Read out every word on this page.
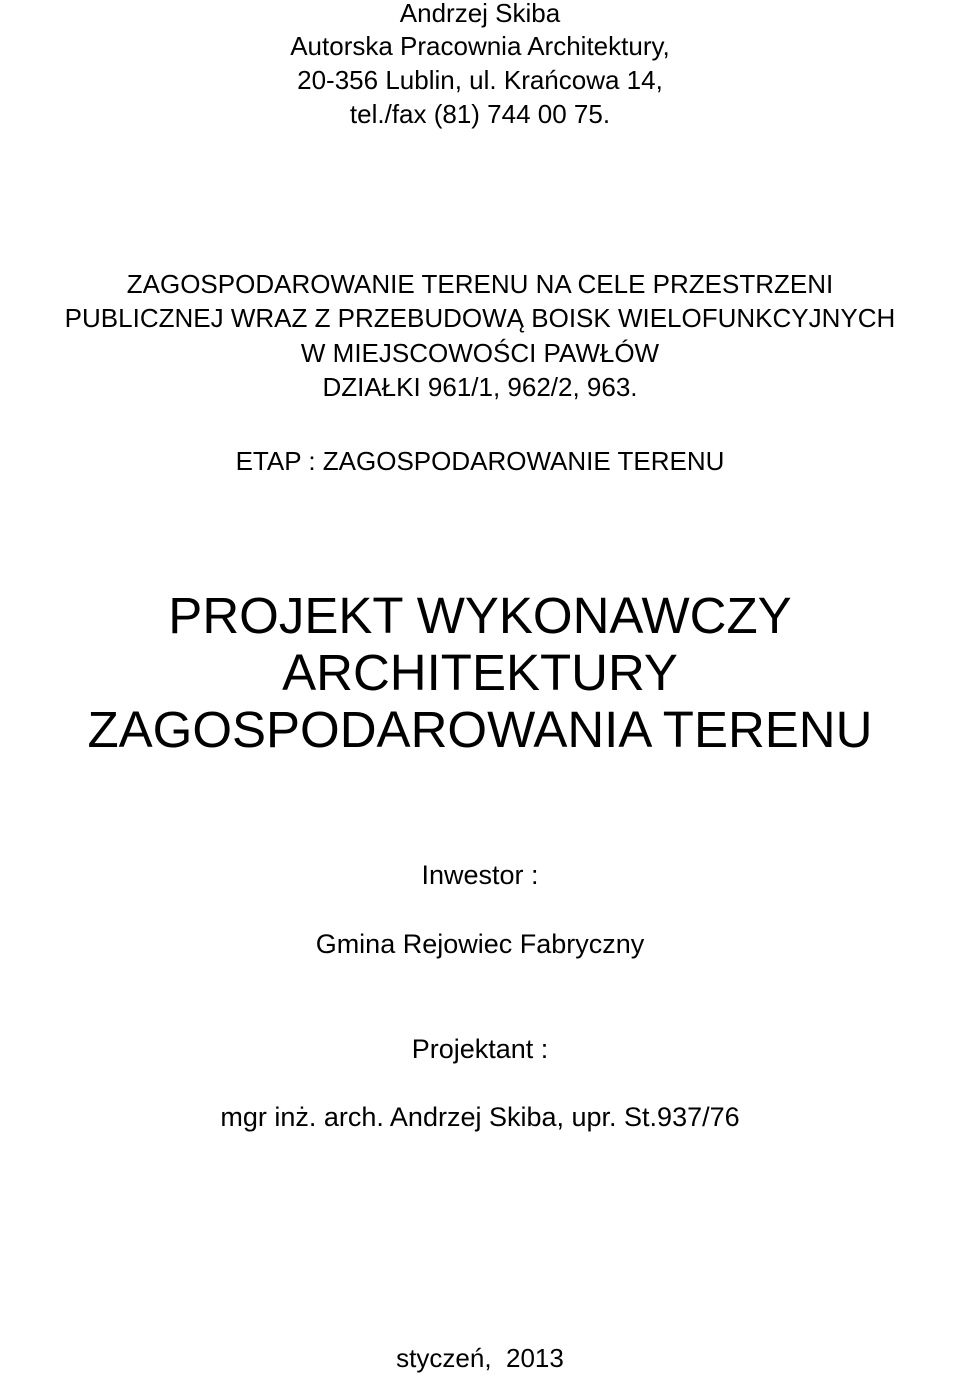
Andrzej Skiba
Autorska Pracownia Architektury,
20-356 Lublin, ul. Krańcowa 14,
tel./fax (81) 744 00 75.
ZAGOSPODAROWANIE TERENU NA CELE PRZESTRZENI
PUBLICZNEJ WRAZ Z PRZEBUDOWĄ BOISK WIELOFUNKCYJNYCH
W MIEJSCOWOŚCI PAWŁÓW
DZIAŁKI 961/1, 962/2, 963.
ETAP : ZAGOSPODAROWANIE TERENU
PROJEKT WYKONAWCZY
ARCHITEKTURY
ZAGOSPODAROWANIA TERENU
Inwestor :
Gmina Rejowiec Fabryczny
Projektant :
mgr inż. arch. Andrzej Skiba, upr. St.937/76
styczeń,  2013
